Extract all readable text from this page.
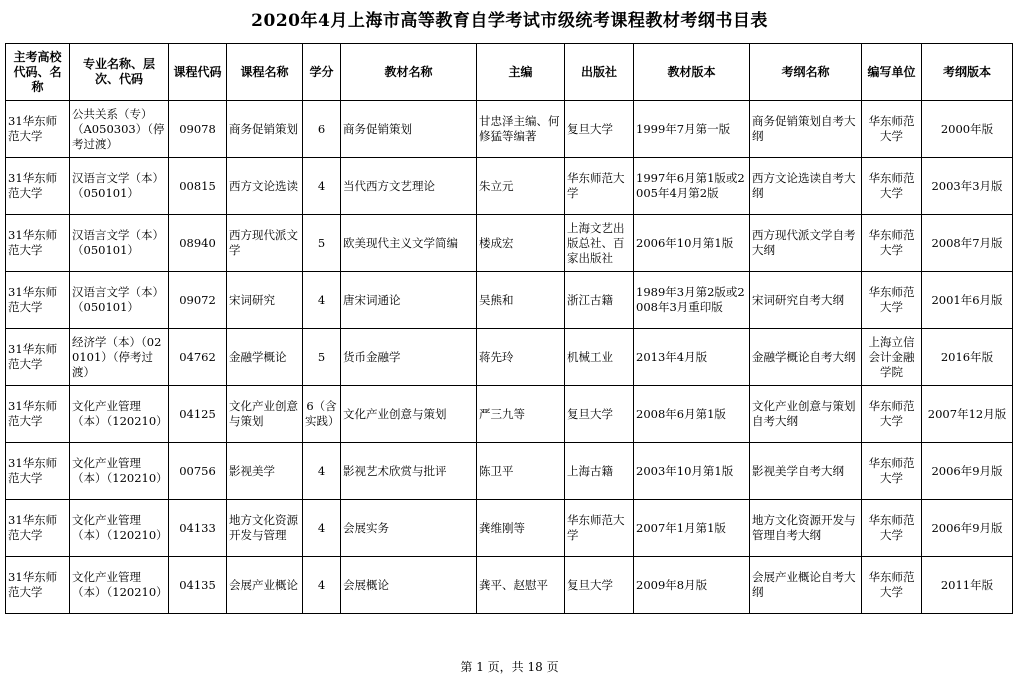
2020年4月上海市高等教育自学考试市级统考课程教材考纲书目表
主考高校代码、名称	专业名称、层次、代码	课程代码	课程名称	学分	教材名称	主编	出版社	教材版本	考纲名称	编写单位	考纲版本
31华东师范大学	公共关系（专）（A050303）（停考过渡）	09078	商务促销策划	6	商务促销策划	甘忠泽主编、何修猛等编著	复旦大学	1999年7月第一版	商务促销策划自考大纲	华东师范大学	2000年版
31华东师范大学	汉语言文学（本）（050101）	00815	西方文论选读	4	当代西方文艺理论	朱立元	华东师范大学	1997年6月第1版或2005年4月第2版	西方文论选读自考大纲	华东师范大学	2003年3月版
31华东师范大学	汉语言文学（本）（050101）	08940	西方现代派文学	5	欧美现代主义文学简编	楼成宏	上海文艺出版总社、百家出版社	2006年10月第1版	西方现代派文学自考大纲	华东师范大学	2008年7月版
31华东师范大学	汉语言文学（本）（050101）	09072	宋词研究	4	唐宋词通论	吴熊和	浙江古籍	1989年3月第2版或2008年3月重印版	宋词研究自考大纲	华东师范大学	2001年6月版
31华东师范大学	经济学（本）（020101）（停考过渡）	04762	金融学概论	5	货币金融学	蒋先玲	机械工业	2013年4月版	金融学概论自考大纲	上海立信会计金融学院	2016年版
31华东师范大学	文化产业管理（本）（120210）	04125	文化产业创意与策划	6（含实践）	文化产业创意与策划	严三九等	复旦大学	2008年6月第1版	文化产业创意与策划自考大纲	华东师范大学	2007年12月版
31华东师范大学	文化产业管理（本）（120210）	00756	影视美学	4	影视艺术欣赏与批评	陈卫平	上海古籍	2003年10月第1版	影视美学自考大纲	华东师范大学	2006年9月版
31华东师范大学	文化产业管理（本）（120210）	04133	地方文化资源开发与管理	4	会展实务	龚维刚等	华东师范大学	2007年1月第1版	地方文化资源开发与管理自考大纲	华东师范大学	2006年9月版
31华东师范大学	文化产业管理（本）（120210）	04135	会展产业概论	4	会展概论	龚平、赵慰平	复旦大学	2009年8月版	会展产业概论自考大纲	华东师范大学	2011年版
第 1 页，共 18 页
